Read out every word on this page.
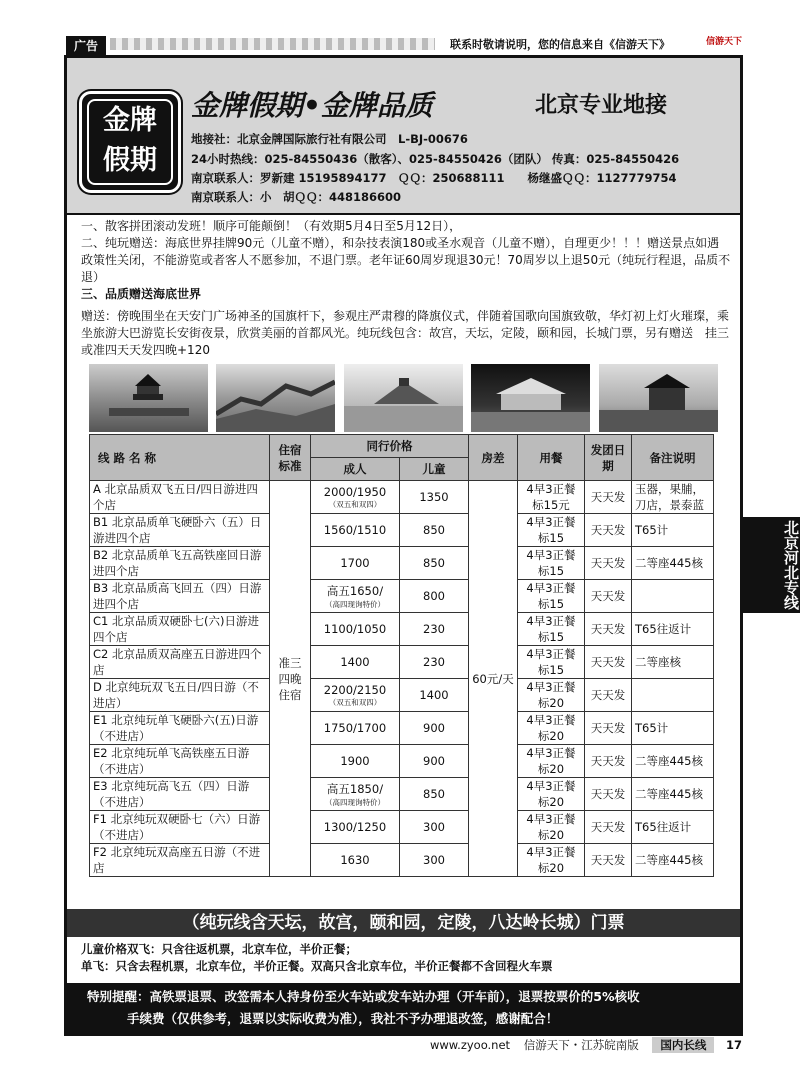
广告	联系时敬请说明，您的信息来自《信游天下》	信游天下
金牌
假期
金牌假期•金牌品质	北京专业地接
地接社：北京金牌国际旅行社有限公司　L-BJ-00676
24小时热线：025-84550436（散客）、025-84550426（团队） 传真：025-84550426
南京联系人：罗新建 15195894177　ＱＱ：250688111　　杨继盛ＱＱ：1127779754
南京联系人：小　胡ＱＱ：448186600

一、散客拼团滚动发班！顺序可能颠倒！（有效期5月4日至5月12日），

二、纯玩赠送：海底世界挂牌90元（儿童不赠），和杂技表演180或圣水观音（儿童不赠），自理更少！！！赠送景点如遇政策性关闭，不能游览或者客人不愿参加，不退门票。老年证60周岁现退30元！70周岁以上退50元（纯玩行程退，品质不退）

三、品质赠送海底世界

赠送：傍晚围坐在天安门广场神圣的国旗杆下，参观庄严肃穆的降旗仪式，伴随着国歌向国旗致敬，华灯初上灯火璀璨，乘坐旅游大巴游览长安街夜景，欣赏美丽的首都风光。纯玩线包含：故宫，天坛，定陵，颐和园，长城门票，另有赠送　挂三或准四天天发四晚+120

线 路 名 称	住宿标准	同行价格		房差	用餐	发团日期	备注说明
		成人	儿童				
A 北京品质双飞五日/四日游进四个店	准三四晚住宿	2000/1950
（双五和双四）	1350	60元/天	4早3正餐标15元	天天发	玉器，果脯，刀店，景泰蓝
B1 北京品质单飞硬卧六（五）日游进四个店		1560/1510	850		4早3正餐标15	天天发	T65计
B2 北京品质单飞五高铁座回日游进四个店		1700	850		4早3正餐标15	天天发	二等座445核
B3 北京品质高飞回五（四）日游进四个店		高五1650/
（高四现询特价）	800		4早3正餐标15	天天发	
C1 北京品质双硬卧七(六)日游进四个店		1100/1050	230		4早3正餐标15	天天发	T65往返计
C2 北京品质双高座五日游进四个店		1400	230		4早3正餐标15	天天发	二等座核
D 北京纯玩双飞五日/四日游（不进店）		2200/2150
（双五和双四）	1400		4早3正餐标20	天天发	
E1 北京纯玩单飞硬卧六(五)日游（不进店）		1750/1700	900		4早3正餐标20	天天发	T65计
E2 北京纯玩单飞高铁座五日游（不进店）		1900	900		4早3正餐标20	天天发	二等座445核
E3 北京纯玩高飞五（四）日游（不进店）		高五1850/
（高四现询特价）	850		4早3正餐标20	天天发	二等座445核
F1 北京纯玩双硬卧七（六）日游（不进店）		1300/1250	300		4早3正餐标20	天天发	T65往返计
F2 北京纯玩双高座五日游（不进店		1630	300		4早3正餐标20	天天发	二等座445核
（纯玩线含天坛，故宫，颐和园，定陵，八达岭长城）门票
儿童价格双飞：只含往返机票，北京车位，半价正餐；
单飞：只含去程机票，北京车位，半价正餐。双高只含北京车位，半价正餐都不含回程火车票
特别提醒：高铁票退票、改签需本人持身份至火车站或发车站办理（开车前），退票按票价的5%核收
手续费（仅供参考，退票以实际收费为准），我社不予办理退改签，感谢配合！
北京河北专线
www.zyoo.net 信游天下・江苏皖南版 国内长线 17
